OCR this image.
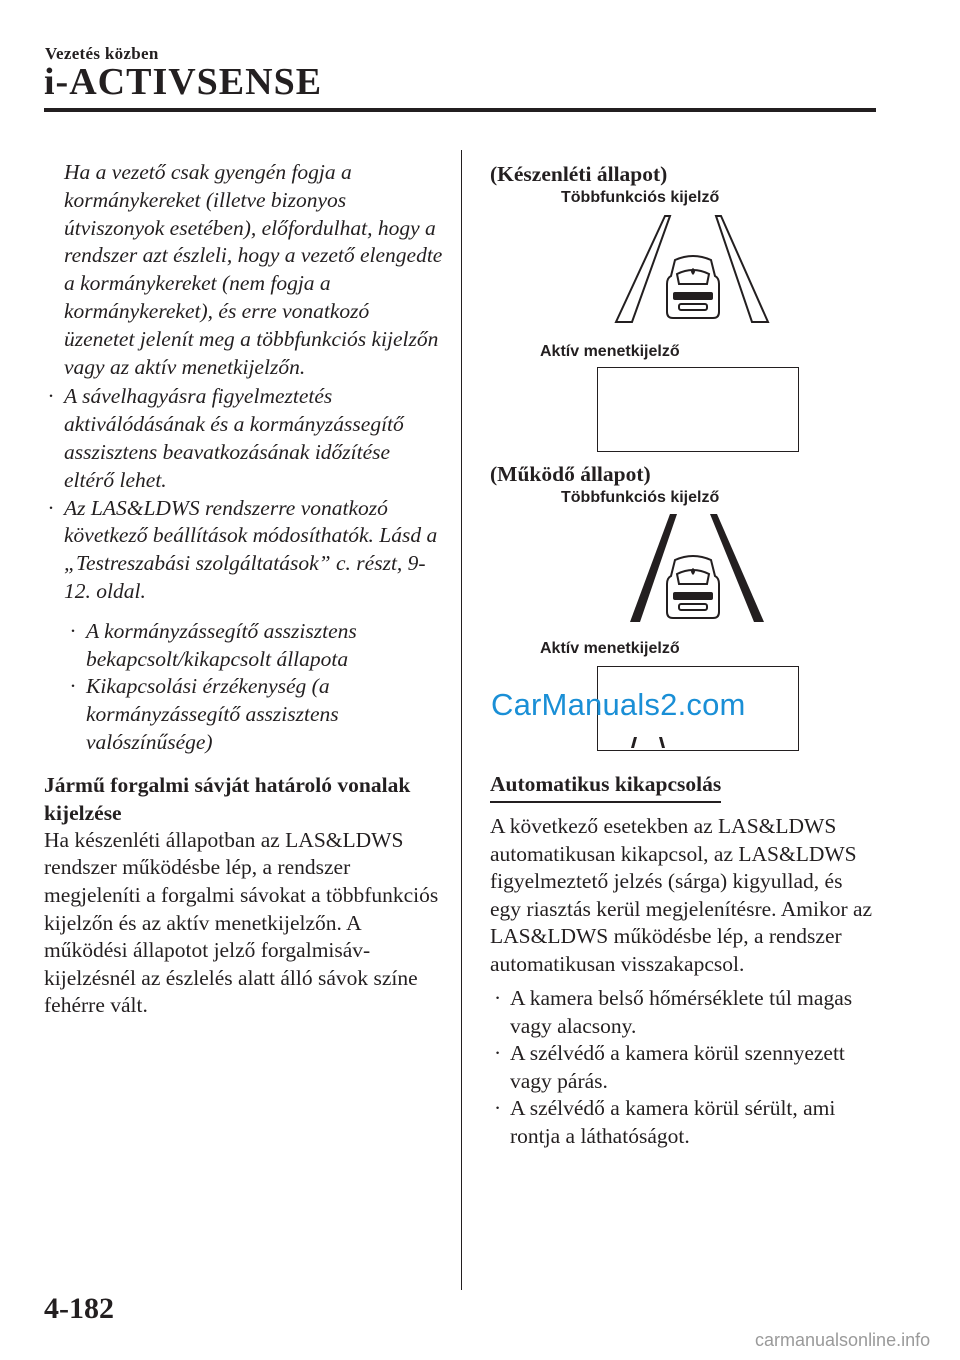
Vezetés közben
i-ACTIVSENSE
Ha a vezető csak gyengén fogja a kormánykereket (illetve bizonyos útviszonyok esetében), előfordulhat, hogy a rendszer azt észleli, hogy a vezető elengedte a kormánykereket (nem fogja a kormánykereket), és erre vonatkozó üzenetet jelenít meg a többfunkciós kijelzőn vagy az aktív menetkijelzőn.
· A sávelhagyásra figyelmeztetés aktiválódásának és a kormányzássegítő asszisztens beavatkozásának időzítése eltérő lehet.
· Az LAS&LDWS rendszerre vonatkozó következő beállítások módosíthatók. Lásd a „Testreszabási szolgáltatások” c. részt, 9-12. oldal.
· A kormányzássegítő asszisztens bekapcsolt/kikapcsolt állapota
· Kikapcsolási érzékenység (a kormányzássegítő asszisztens valószínűsége)
Jármű forgalmi sávját határoló vonalak kijelzése
Ha készenléti állapotban az LAS&LDWS rendszer működésbe lép, a rendszer megjeleníti a forgalmi sávokat a többfunkciós kijelzőn és az aktív menetkijelzőn. A működési állapotot jelző forgalmisáv-kijelzésnél az észlelés alatt álló sávok színe fehérre vált.
(Készenléti állapot)
Többfunkciós kijelző
Aktív menetkijelző
(Működő állapot)
Többfunkciós kijelző
Aktív menetkijelző
CarManuals2.com
Automatikus kikapcsolás
A következő esetekben az LAS&LDWS automatikusan kikapcsol, az LAS&LDWS figyelmeztető jelzés (sárga) kigyullad, és egy riasztás kerül megjelenítésre. Amikor az LAS&LDWS működésbe lép, a rendszer automatikusan visszakapcsol.
· A kamera belső hőmérséklete túl magas vagy alacsony.
· A szélvédő a kamera körül szennyezett vagy párás.
· A szélvédő a kamera körül sérült, ami rontja a láthatóságot.
4-182
carmanualsonline.info
